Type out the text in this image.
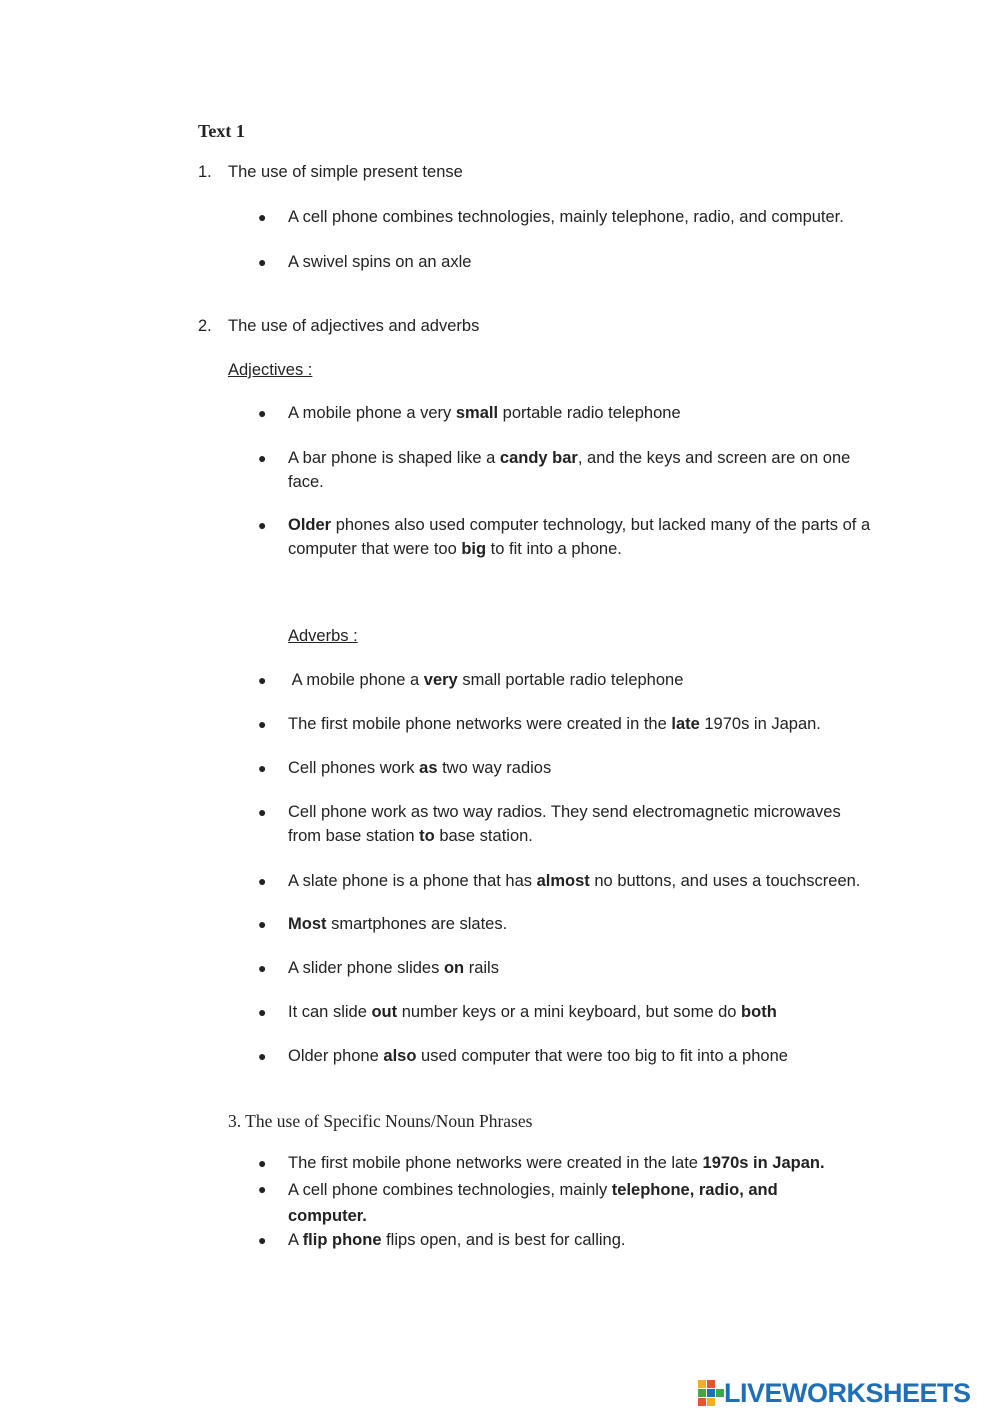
Text 1
1. The use of simple present tense
● A cell phone combines technologies, mainly telephone, radio, and computer.
● A swivel spins on an axle
2. The use of adjectives and adverbs
Adjectives :
● A mobile phone a very small portable radio telephone
● A bar phone is shaped like a candy bar, and the keys and screen are on one face.
● Older phones also used computer technology, but lacked many of the parts of a computer that were too big to fit into a phone.
Adverbs :
● A mobile phone a very small portable radio telephone
● The first mobile phone networks were created in the late 1970s in Japan.
● Cell phones work as two way radios
● Cell phone work as two way radios. They send electromagnetic microwaves from base station to base station.
● A slate phone is a phone that has almost no buttons, and uses a touchscreen.
● Most smartphones are slates.
● A slider phone slides on rails
● It can slide out number keys or a mini keyboard, but some do both
● Older phone also used computer that were too big to fit into a phone
3. The use of Specific Nouns/Noun Phrases
● The first mobile phone networks were created in the late 1970s in Japan.
● A cell phone combines technologies, mainly telephone, radio, and computer.
● A flip phone flips open, and is best for calling.
LIVEWORKSHEETS
